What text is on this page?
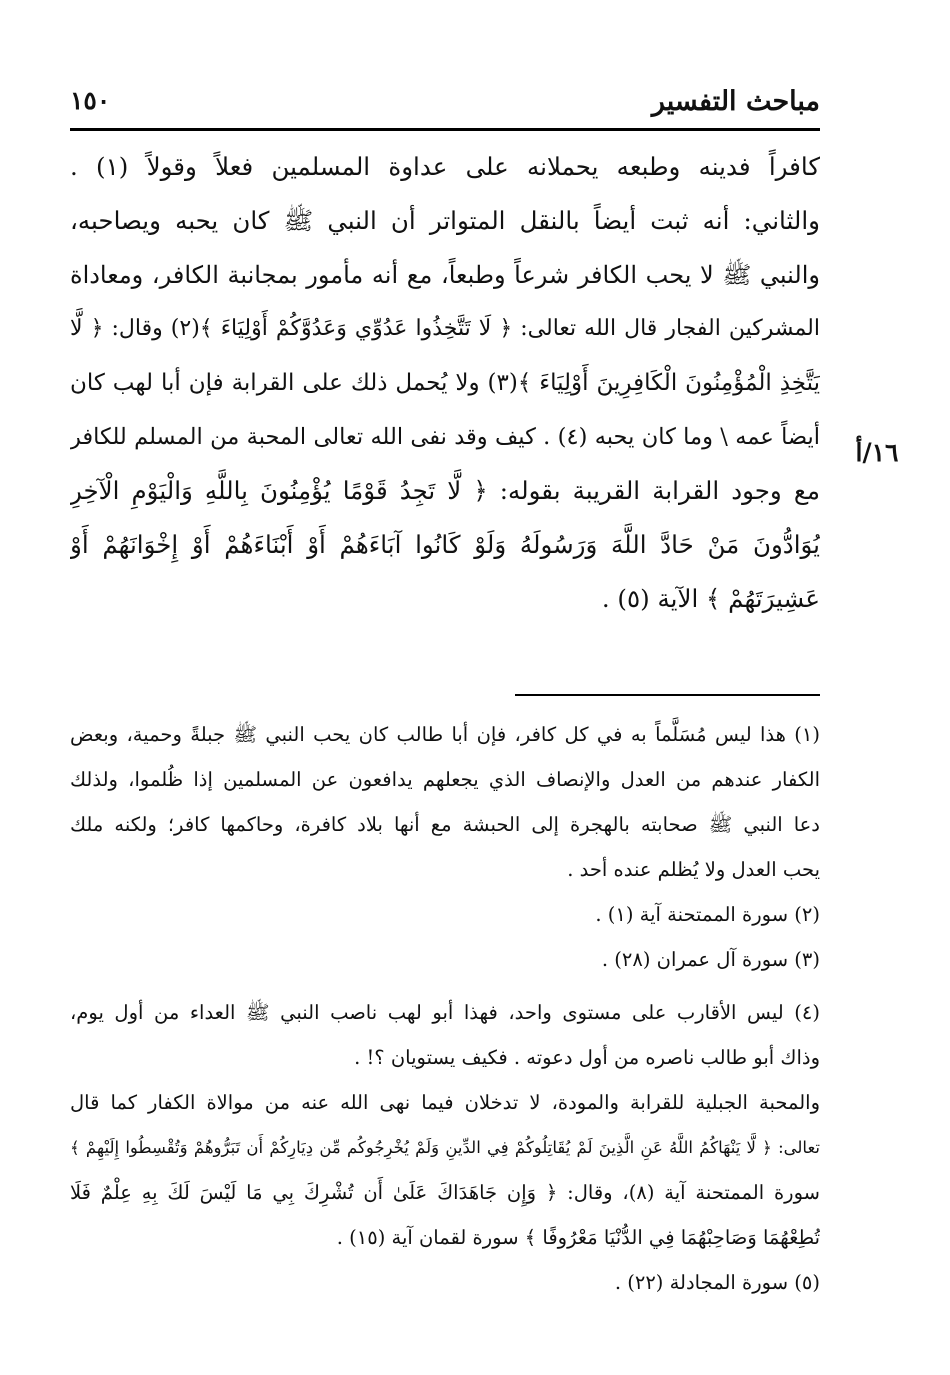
١٥٠	مباحث التفسير
١٦/أ
كافراً فدينه وطبعه يحملانه على عداوة المسلمين فعلاً وقولاً (١) .
والثاني: أنه ثبت أيضاً بالنقل المتواتر أن النبي ﷺ كان يحبه ويصاحبه،
والنبي ﷺ لا يحب الكافر شرعاً وطبعاً، مع أنه مأمور بمجانبة الكافر، ومعاداة
المشركين الفجار قال الله تعالى: ﴿ لَا تَتَّخِذُوا عَدُوِّي وَعَدُوَّكُمْ أَوْلِيَاءَ ﴾(٢) وقال: ﴿ لَّا
يَتَّخِذِ الْمُؤْمِنُونَ الْكَافِرِينَ أَوْلِيَاءَ ﴾(٣) ولا يُحمل ذلك على القرابة فإن أبا لهب كان
أيضاً عمه \ وما كان يحبه (٤) . كيف وقد نفى الله تعالى المحبة من المسلم للكافر
مع وجود القرابة القريبة بقوله: ﴿ لَّا تَجِدُ قَوْمًا يُؤْمِنُونَ بِاللَّهِ وَالْيَوْمِ الْآخِرِ
يُوَادُّونَ مَنْ حَادَّ اللَّهَ وَرَسُولَهُ وَلَوْ كَانُوا آبَاءَهُمْ أَوْ أَبْنَاءَهُمْ أَوْ إِخْوَانَهُمْ أَوْ
عَشِيرَتَهُمْ ﴾ الآية (٥) .
(١) هذا ليس مُسَلَّماً به في كل كافر، فإن أبا طالب كان يحب النبي ﷺ جبلةً وحمية، وبعض
الكفار عندهم من العدل والإنصاف الذي يجعلهم يدافعون عن المسلمين إذا ظُلموا، ولذلك
دعا النبي ﷺ صحابته بالهجرة إلى الحبشة مع أنها بلاد كافرة، وحاكمها كافر؛ ولكنه ملك
يحب العدل ولا يُظلم عنده أحد .
(٢) سورة الممتحنة آية (١) .
(٣) سورة آل عمران (٢٨) .
(٤) ليس الأقارب على مستوى واحد، فهذا أبو لهب ناصب النبي ﷺ العداء من أول يوم،
وذاك أبو طالب ناصره من أول دعوته . فكيف يستويان ؟! .
والمحبة الجبلية للقرابة والمودة، لا تدخلان فيما نهى الله عنه من موالاة الكفار كما قال
تعالى: ﴿ لَّا يَنْهَاكُمُ اللَّهُ عَنِ الَّذِينَ لَمْ يُقَاتِلُوكُمْ فِي الدِّينِ وَلَمْ يُخْرِجُوكُم مِّن دِيَارِكُمْ أَن تَبَرُّوهُمْ وَتُقْسِطُوا إِلَيْهِمْ ﴾
سورة الممتحنة آية (٨)، وقال: ﴿ وَإِن جَاهَدَاكَ عَلَىٰ أَن تُشْرِكَ بِي مَا لَيْسَ لَكَ بِهِ عِلْمٌ فَلَا
تُطِعْهُمَا وَصَاحِبْهُمَا فِي الدُّنْيَا مَعْرُوفًا ﴾ سورة لقمان آية (١٥) .
(٥) سورة المجادلة (٢٢) .
